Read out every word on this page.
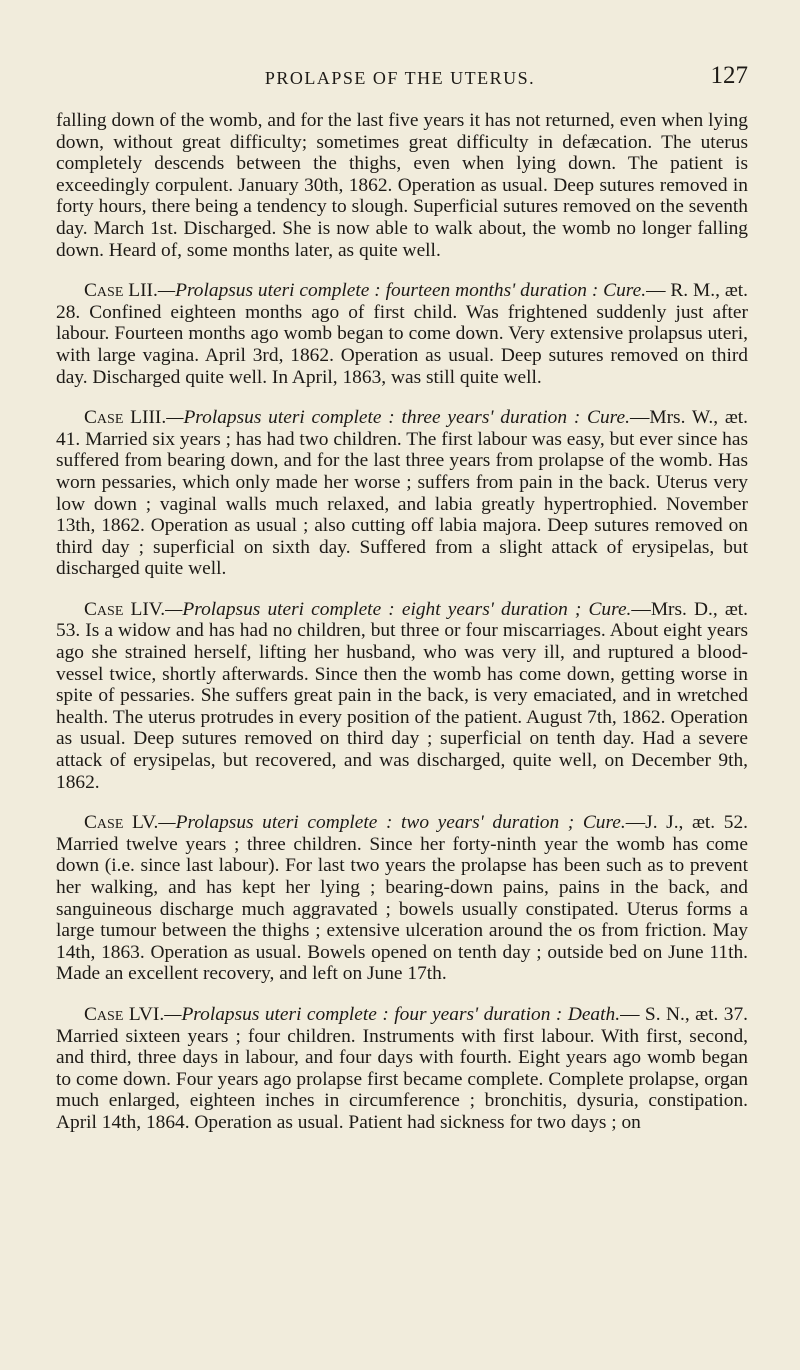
PROLAPSE OF THE UTERUS.	127

falling down of the womb, and for the last five years it has not returned, even when lying down, without great difficulty; sometimes great difficulty in defæcation. The uterus completely descends between the thighs, even when lying down. The patient is exceedingly corpulent. January 30th, 1862. Operation as usual. Deep sutures removed in forty hours, there being a tendency to slough. Superficial sutures removed on the seventh day. March 1st. Discharged. She is now able to walk about, the womb no longer falling down. Heard of, some months later, as quite well.

Case LII.—Prolapsus uteri complete : fourteen months' duration : Cure.— R. M., æt. 28. Confined eighteen months ago of first child. Was frightened suddenly just after labour. Fourteen months ago womb began to come down. Very extensive prolapsus uteri, with large vagina. April 3rd, 1862. Operation as usual. Deep sutures removed on third day. Discharged quite well. In April, 1863, was still quite well.

Case LIII.—Prolapsus uteri complete : three years' duration : Cure.—Mrs. W., æt. 41. Married six years ; has had two children. The first labour was easy, but ever since has suffered from bearing down, and for the last three years from prolapse of the womb. Has worn pessaries, which only made her worse ; suffers from pain in the back. Uterus very low down ; vaginal walls much relaxed, and labia greatly hypertrophied. November 13th, 1862. Operation as usual ; also cutting off labia majora. Deep sutures removed on third day ; superficial on sixth day. Suffered from a slight attack of erysipelas, but discharged quite well.

Case LIV.—Prolapsus uteri complete : eight years' duration ; Cure.—Mrs. D., æt. 53. Is a widow and has had no children, but three or four miscarriages. About eight years ago she strained herself, lifting her husband, who was very ill, and ruptured a blood-vessel twice, shortly afterwards. Since then the womb has come down, getting worse in spite of pessaries. She suffers great pain in the back, is very emaciated, and in wretched health. The uterus protrudes in every position of the patient. August 7th, 1862. Operation as usual. Deep sutures removed on third day ; superficial on tenth day. Had a severe attack of erysipelas, but recovered, and was discharged, quite well, on December 9th, 1862.

Case LV.—Prolapsus uteri complete : two years' duration ; Cure.—J. J., æt. 52. Married twelve years ; three children. Since her forty-ninth year the womb has come down (i.e. since last labour). For last two years the prolapse has been such as to prevent her walking, and has kept her lying ; bearing-down pains, pains in the back, and sanguineous discharge much aggravated ; bowels usually constipated. Uterus forms a large tumour between the thighs ; extensive ulceration around the os from friction. May 14th, 1863. Operation as usual. Bowels opened on tenth day ; outside bed on June 11th. Made an excellent recovery, and left on June 17th.

Case LVI.—Prolapsus uteri complete : four years' duration : Death.— S. N., æt. 37. Married sixteen years ; four children. Instruments with first labour. With first, second, and third, three days in labour, and four days with fourth. Eight years ago womb began to come down. Four years ago prolapse first became complete. Complete prolapse, organ much enlarged, eighteen inches in circumference ; bronchitis, dysuria, constipation. April 14th, 1864. Operation as usual. Patient had sickness for two days ; on
